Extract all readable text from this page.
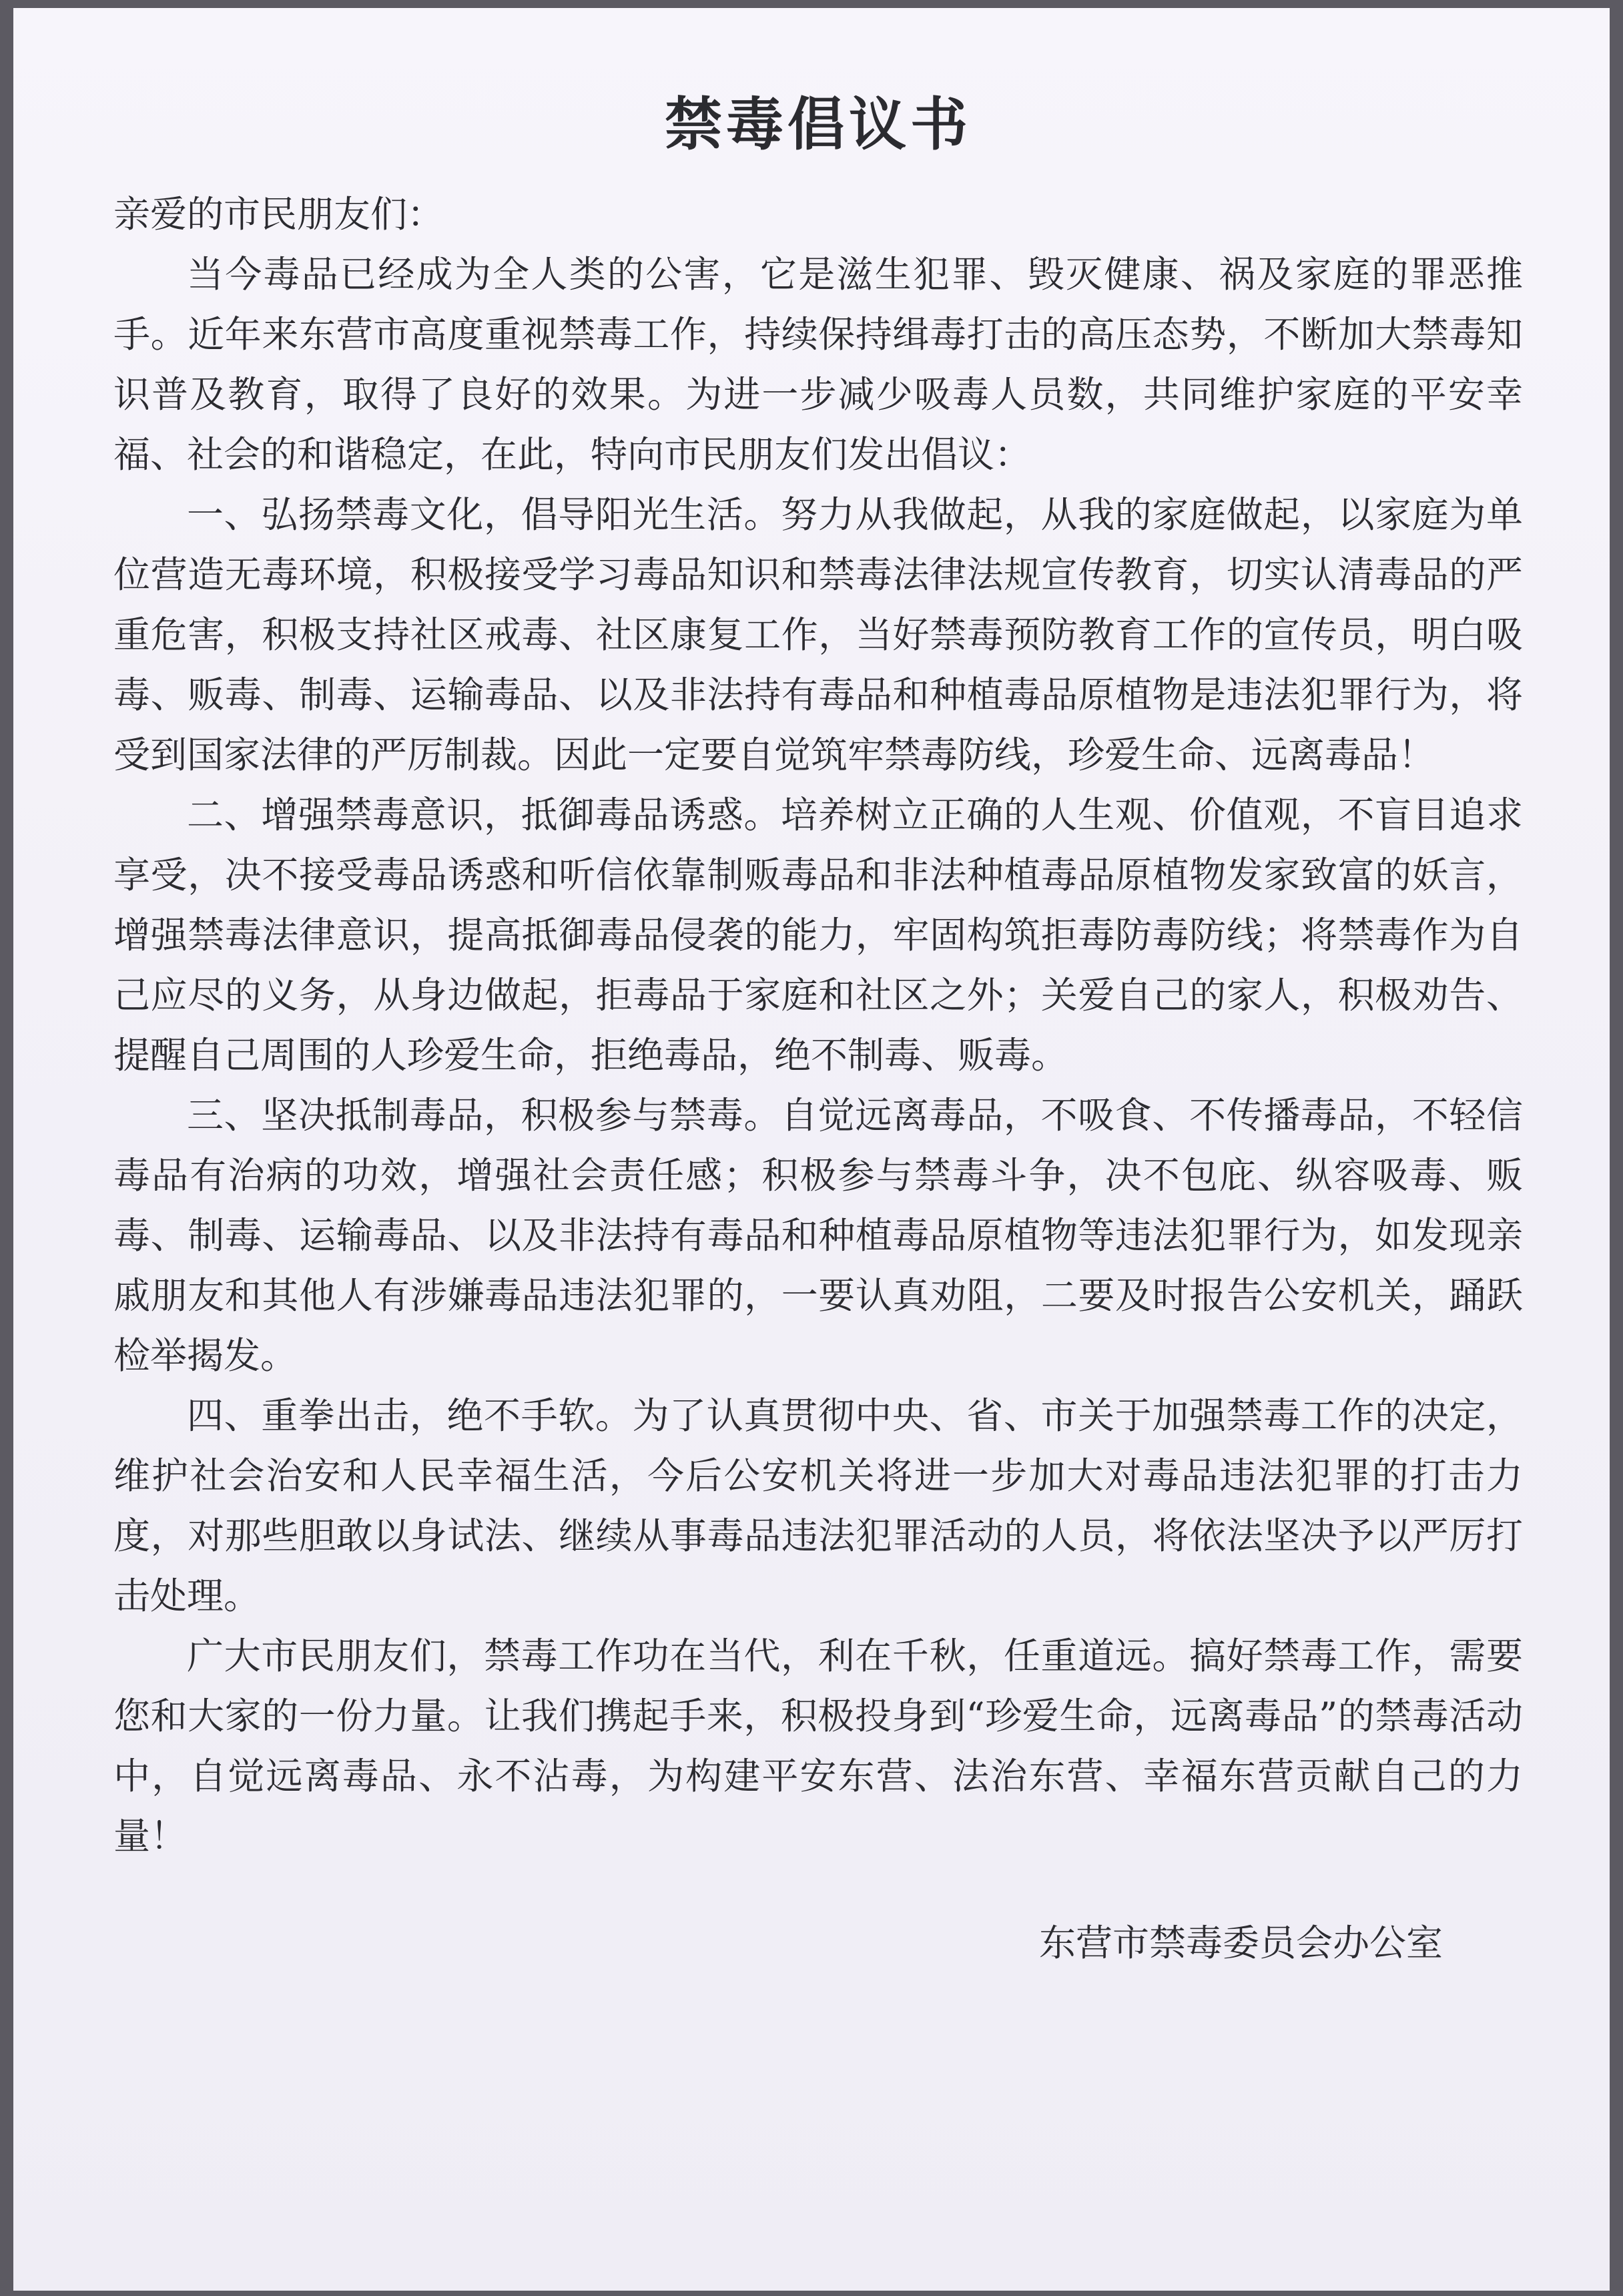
禁毒倡议书

亲爱的市民朋友们：

当今毒品已经成为全人类的公害，它是滋生犯罪、毁灭健康、祸及家庭的罪恶推手。近年来东营市高度重视禁毒工作，持续保持缉毒打击的高压态势，不断加大禁毒知识普及教育，取得了良好的效果。为进一步减少吸毒人员数，共同维护家庭的平安幸福、社会的和谐稳定，在此，特向市民朋友们发出倡议：

一、弘扬禁毒文化，倡导阳光生活。努力从我做起，从我的家庭做起，以家庭为单位营造无毒环境，积极接受学习毒品知识和禁毒法律法规宣传教育，切实认清毒品的严重危害，积极支持社区戒毒、社区康复工作，当好禁毒预防教育工作的宣传员，明白吸毒、贩毒、制毒、运输毒品、以及非法持有毒品和种植毒品原植物是违法犯罪行为，将受到国家法律的严厉制裁。因此一定要自觉筑牢禁毒防线，珍爱生命、远离毒品！

二、增强禁毒意识，抵御毒品诱惑。培养树立正确的人生观、价值观，不盲目追求享受，决不接受毒品诱惑和听信依靠制贩毒品和非法种植毒品原植物发家致富的妖言，增强禁毒法律意识，提高抵御毒品侵袭的能力，牢固构筑拒毒防毒防线；将禁毒作为自己应尽的义务，从身边做起，拒毒品于家庭和社区之外；关爱自己的家人，积极劝告、提醒自己周围的人珍爱生命，拒绝毒品，绝不制毒、贩毒。

三、坚决抵制毒品，积极参与禁毒。自觉远离毒品，不吸食、不传播毒品，不轻信毒品有治病的功效，增强社会责任感；积极参与禁毒斗争，决不包庇、纵容吸毒、贩毒、制毒、运输毒品、以及非法持有毒品和种植毒品原植物等违法犯罪行为，如发现亲戚朋友和其他人有涉嫌毒品违法犯罪的，一要认真劝阻，二要及时报告公安机关，踊跃检举揭发。

四、重拳出击，绝不手软。为了认真贯彻中央、省、市关于加强禁毒工作的决定，维护社会治安和人民幸福生活，今后公安机关将进一步加大对毒品违法犯罪的打击力度，对那些胆敢以身试法、继续从事毒品违法犯罪活动的人员，将依法坚决予以严厉打击处理。

广大市民朋友们，禁毒工作功在当代，利在千秋，任重道远。搞好禁毒工作，需要您和大家的一份力量。让我们携起手来，积极投身到“珍爱生命，远离毒品”的禁毒活动中，自觉远离毒品、永不沾毒，为构建平安东营、法治东营、幸福东营贡献自己的力量！

东营市禁毒委员会办公室
